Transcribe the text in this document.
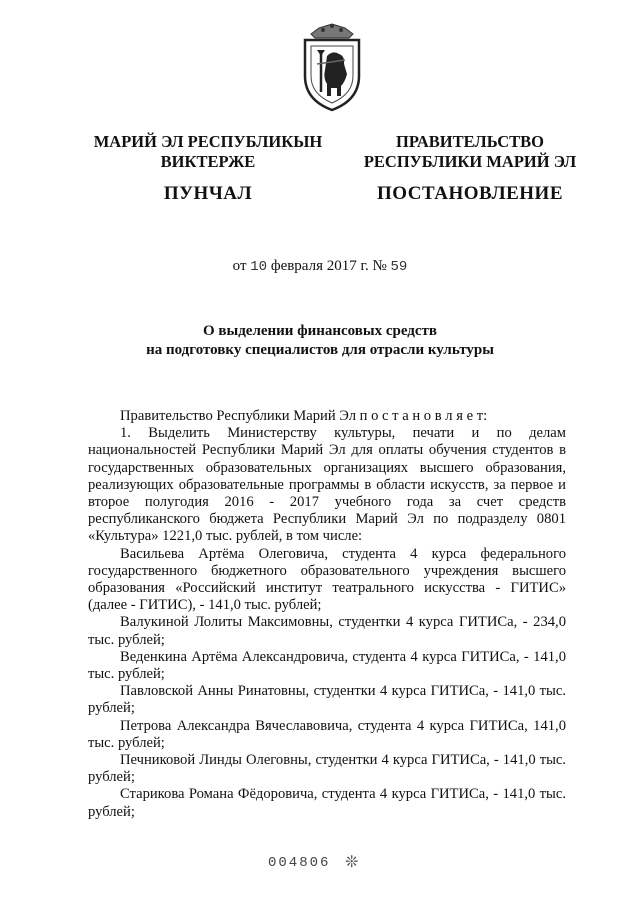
МАРИЙ ЭЛ РЕСПУБЛИКЫН
ВИКТЕРЖЕ
ПУНЧАЛ
ПРАВИТЕЛЬСТВО
РЕСПУБЛИКИ МАРИЙ ЭЛ
ПОСТАНОВЛЕНИЕ
от 10 февраля 2017 г. № 59
О выделении финансовых средств
на подготовку специалистов для отрасли культуры

Правительство Республики Марий Эл п о с т а н о в л я е т:

1. Выделить Министерству культуры, печати и по делам национальностей Республики Марий Эл для оплаты обучения студентов в государственных образовательных организациях высшего образования, реализующих образовательные программы в области искусств, за первое и второе полугодия 2016 - 2017 учебного года за счет средств республиканского бюджета Республики Марий Эл по подразделу 0801 «Культура» 1221,0 тыс. рублей, в том числе:

Васильева Артёма Олеговича, студента 4 курса федерального государственного бюджетного образовательного учреждения высшего образования «Российский институт театрального искусства - ГИТИС» (далее - ГИТИС), - 141,0 тыс. рублей;

Валукиной Лолиты Максимовны, студентки 4 курса ГИТИСа, - 234,0 тыс. рублей;

Веденкина Артёма Александровича, студента 4 курса ГИТИСа, - 141,0 тыс. рублей;

Павловской Анны Ринатовны, студентки 4 курса ГИТИСа, - 141,0 тыс. рублей;

Петрова Александра Вячеславовича, студента 4 курса ГИТИСа, 141,0 тыс. рублей;

Печниковой Линды Олеговны, студентки 4 курса ГИТИСа, - 141,0 тыс. рублей;

Старикова Романа Фёдоровича, студента 4 курса ГИТИСа, - 141,0 тыс. рублей;

004806 ❊
